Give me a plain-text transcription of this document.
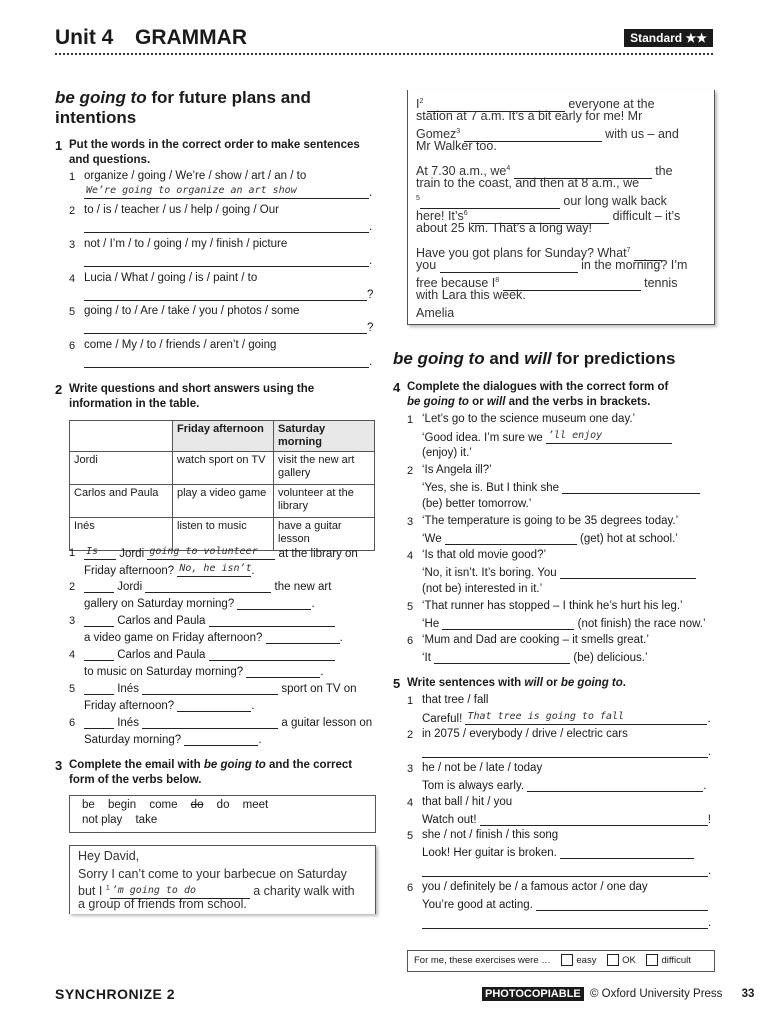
Unit 4 GRAMMAR	Standard ★★
be going to for future plans and
intentions
1 Put the words in the correct order to make sentences and questions.
1 organize / going / We’re / show / art / an / to
We’re going to organize an art show	.
2 to / is / teacher / us / help / going / Our
.
3 not / I’m / to / going / my / finish / picture
.
4 Lucia / What / going / is / paint / to
?
5 going / to / Are / take / you / photos / some
?
6 come / My / to / friends / aren’t / going
.
2 Write questions and short answers using the information in the table.
	Friday afternoon	Saturday morning
Jordi	watch sport on TV	visit the new art gallery
Carlos and Paula	play a video game	volunteer at the library
Inés	listen to music	have a guitar lesson
1 Is Jordi going to volunteer at the library on
Friday afternoon? No, he isn’t.
2	Jordi	the new art
gallery on Saturday morning?	.
3	Carlos and Paula
a video game on Friday afternoon?	.
4	Carlos and Paula
to music on Saturday morning?	.
5	Inés	sport on TV on
Friday afternoon?	.
6	Inés	a guitar lesson on
Saturday morning?	.
3 Complete the email with be going to and the correct form of the verbs below.
be begin come do do meet
not play take
Hey David,
Sorry I can’t come to your barbecue on Saturday
but I $^1$ ’m going to do	a charity walk with
a group of friends from school.
$I^2$	everyone at the
station at 7 a.m. It’s a bit early for me! Mr
Gomez$^3$	with us – and
Mr Walker too.
At 7.30 a.m., $we^4$	the
train to the coast, and then at 8 a.m., we
$^5$	our long walk back
here! $It’s^6$	difficult – it’s
about 25 km. That’s a long way!
Have you got plans for Sunday? What$^7$
you	in the morning? I’m
free because $I^8$	tennis
with Lara this week.
Amelia
be going to and will for predictions
4 Complete the dialogues with the correct form of
be going to or will and the verbs in brackets.
1 ‘Let’s go to the science museum one day.’
‘Good idea. I’m sure we ’ll enjoy
(enjoy) it.’
2 ‘Is Angela ill?’
‘Yes, she is. But I think she
(be) better tomorrow.’
3 ‘The temperature is going to be 35 degrees today.’
‘We	(get) hot at school.’
4 ‘Is that old movie good?’
‘No, it isn’t. It’s boring. You
(not be) interested in it.’
5 ‘That runner has stopped – I think he’s hurt his leg.’
‘He	(not finish) the race now.’
6 ‘Mum and Dad are cooking – it smells great.’
‘It	(be) delicious.’
5 Write sentences with will or be going to.
1 that tree / fall
Careful! That tree is going to fall	.
2 in 2075 / everybody / drive / electric cars
.
3 he / not be / late / today
Tom is always early.	.
4 that ball / hit / you
Watch out!	!
5 she / not / finish / this song
Look! Her guitar is broken.
.
6 you / definitely be / a famous actor / one day
You’re good at acting.
.
For me, these exercises were …	easy	OK	difficult
SYNCHRONIZE 2	PHOTOCOPIABLE © Oxford University Press 33
